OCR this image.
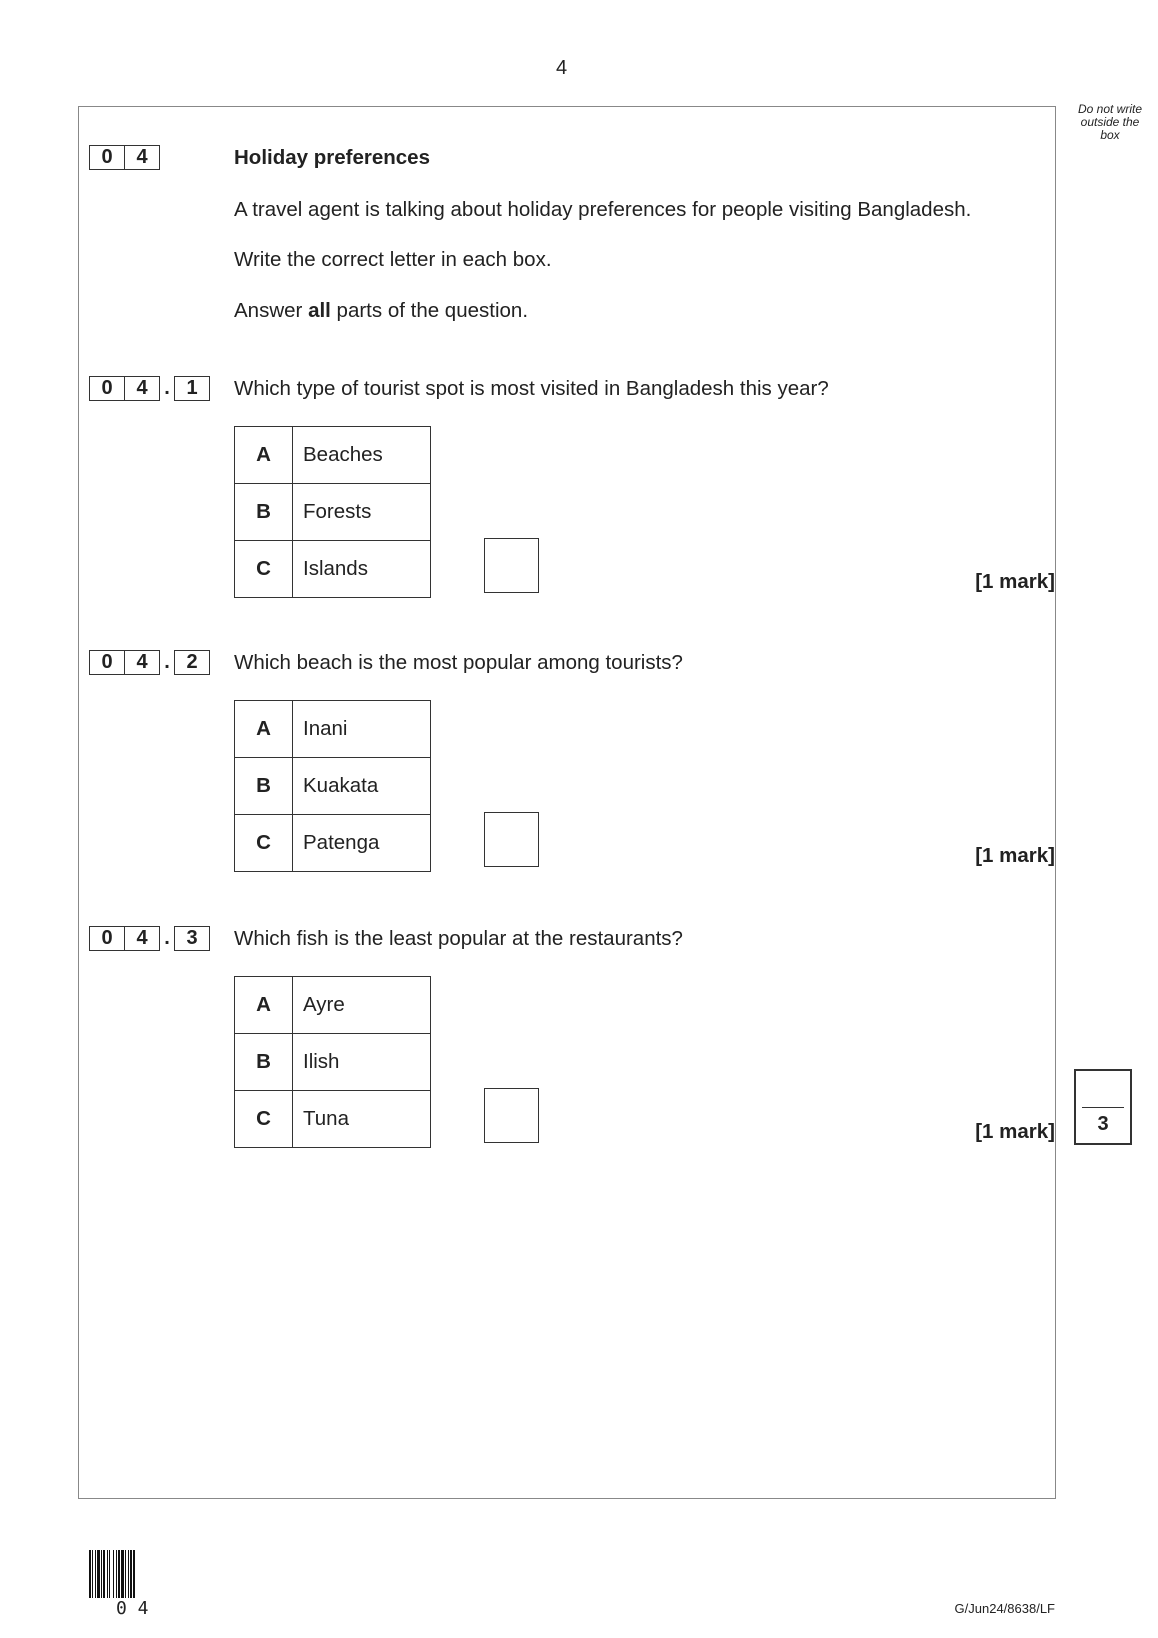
4
Do not write outside the box
0	4	Holiday preferences
A travel agent is talking about holiday preferences for people visiting Bangladesh.
Write the correct letter in each box.
Answer all parts of the question.
0	4 . 1	Which type of tourist spot is most visited in Bangladesh this year?
A	Beaches
B	Forests
C	Islands
[1 mark]
0	4 . 2	Which beach is the most popular among tourists?
A	Inani
B	Kuakata
C	Patenga
[1 mark]
0	4 . 3	Which fish is the least popular at the restaurants?
A	Ayre
B	Ilish
C	Tuna
[1 mark]	3
0 4	G/Jun24/8638/LF
